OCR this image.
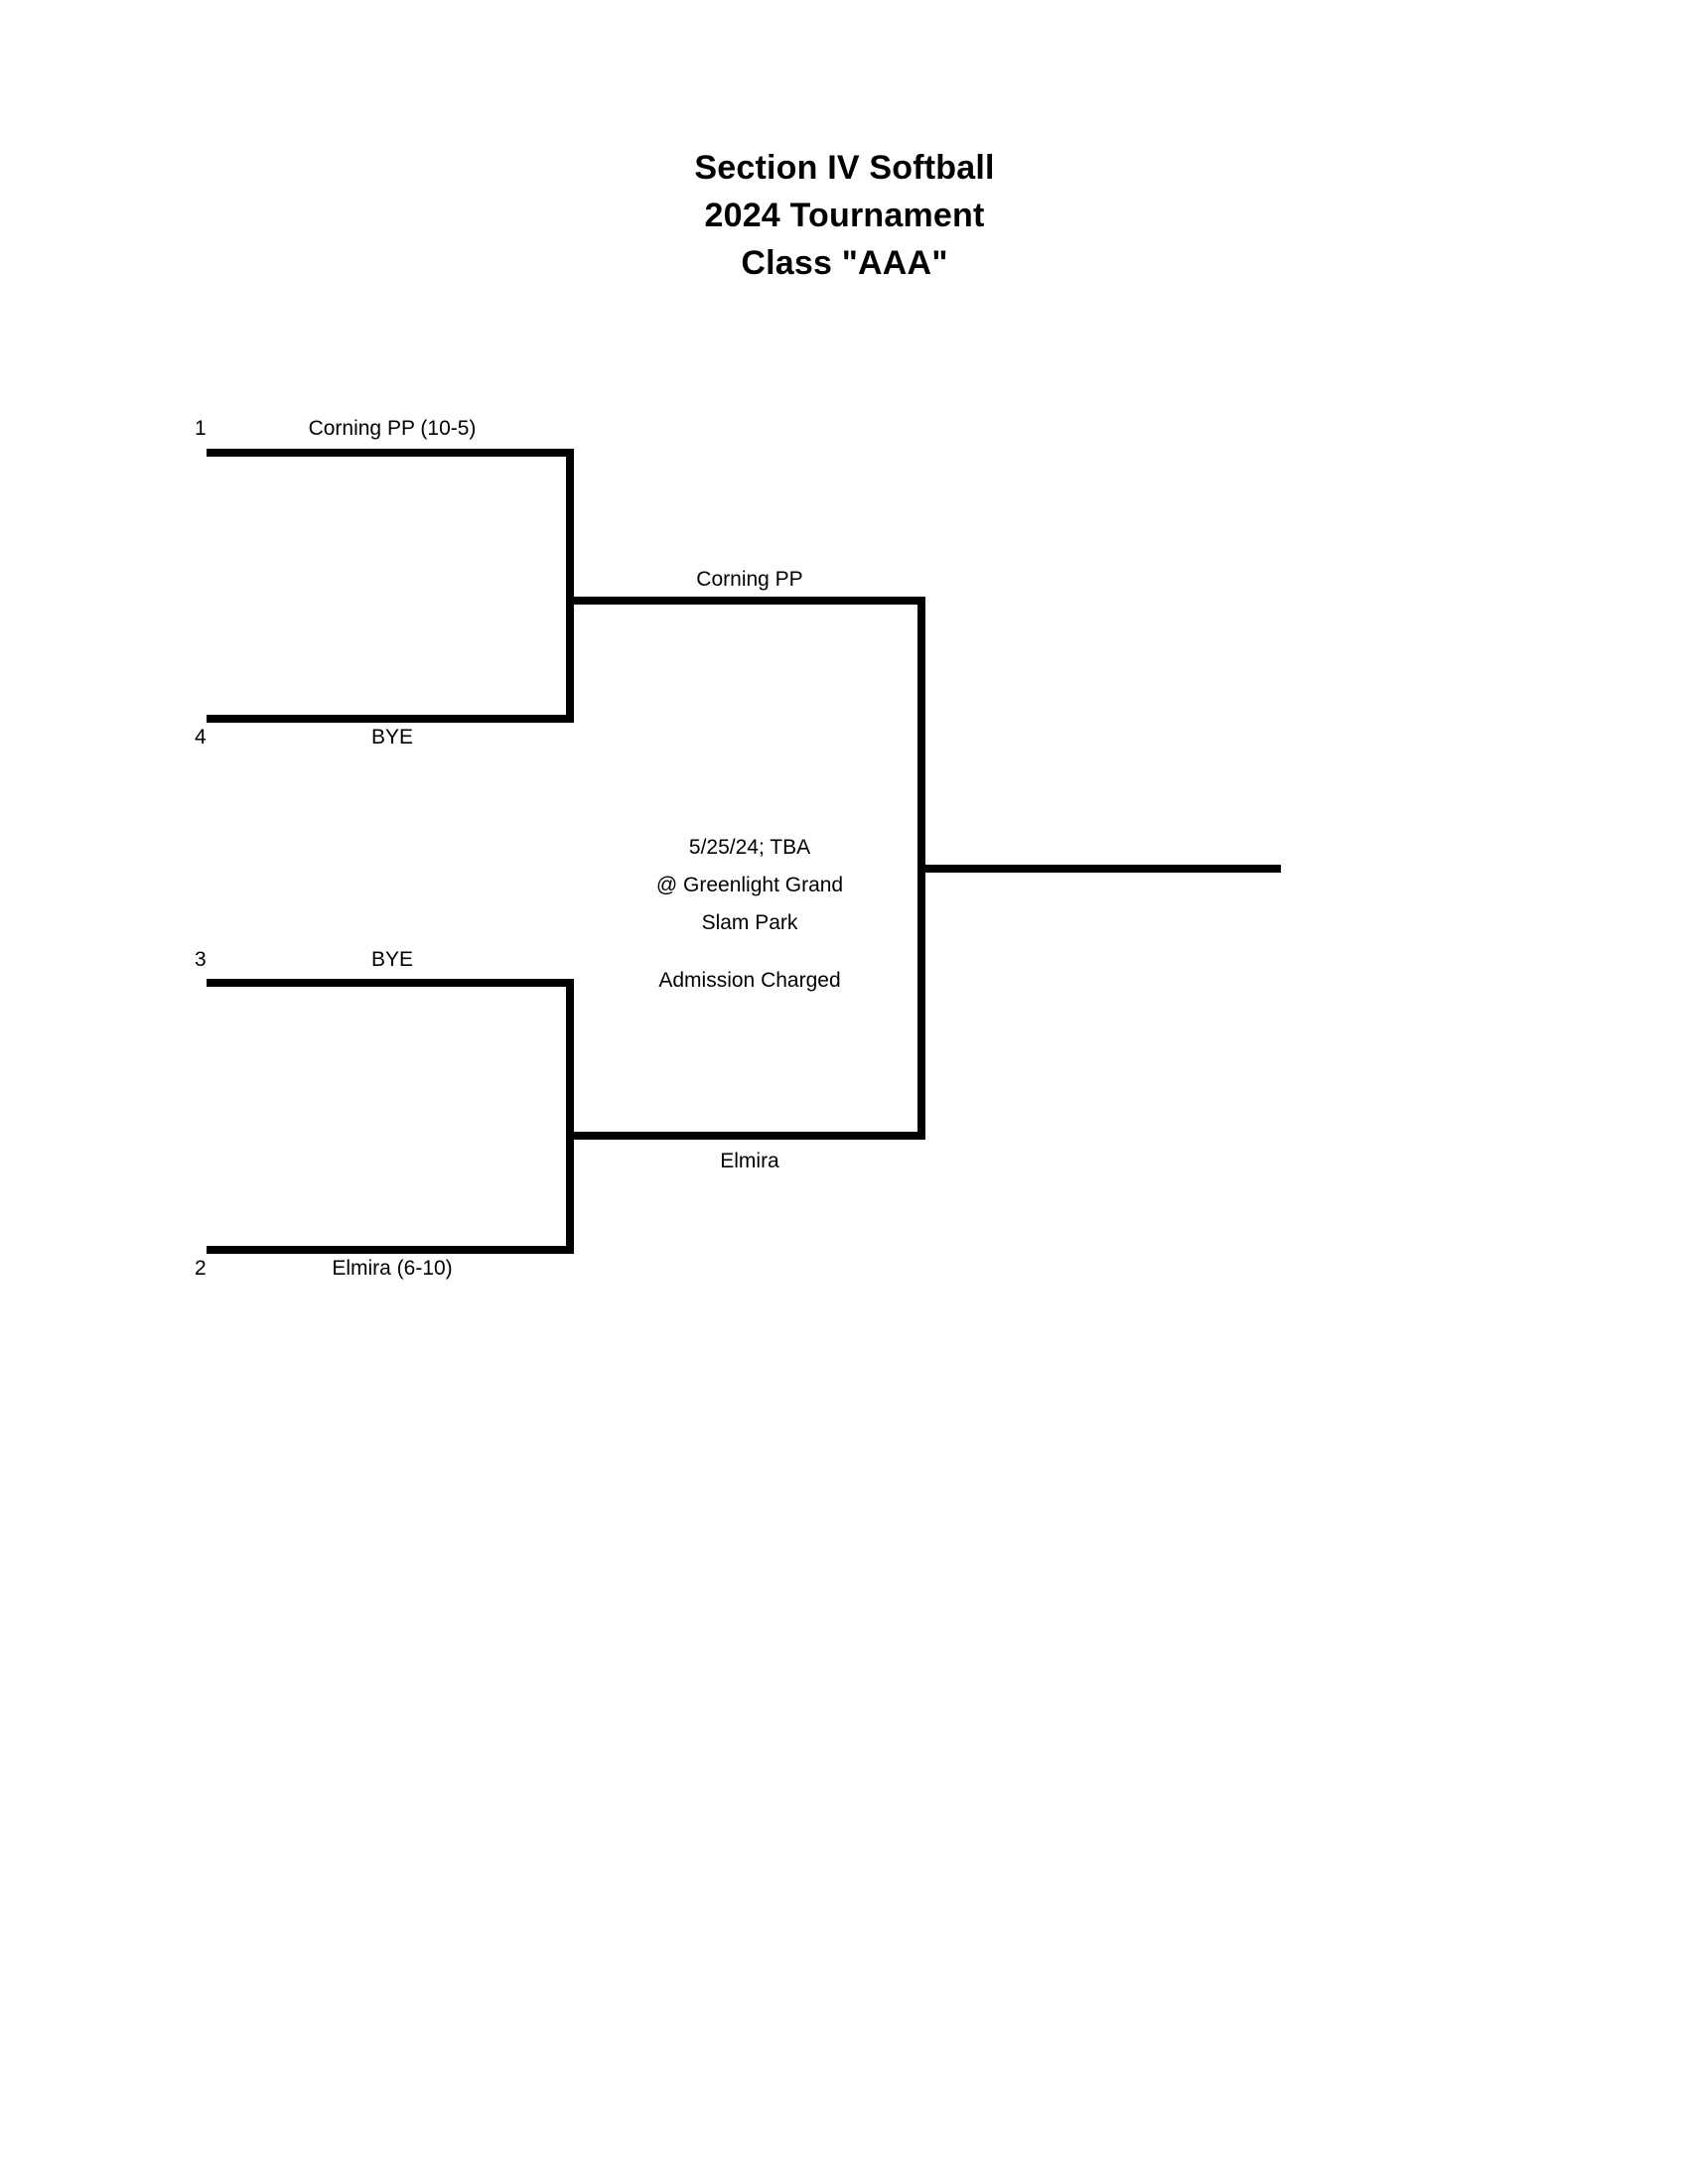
Section IV Softball
2024 Tournament
Class "AAA"
1	Corning PP (10-5)
4	BYE
3	BYE
2	Elmira (6-10)
Corning PP
Elmira
5/25/24; TBA
@ Greenlight Grand
Slam Park
Admission Charged
